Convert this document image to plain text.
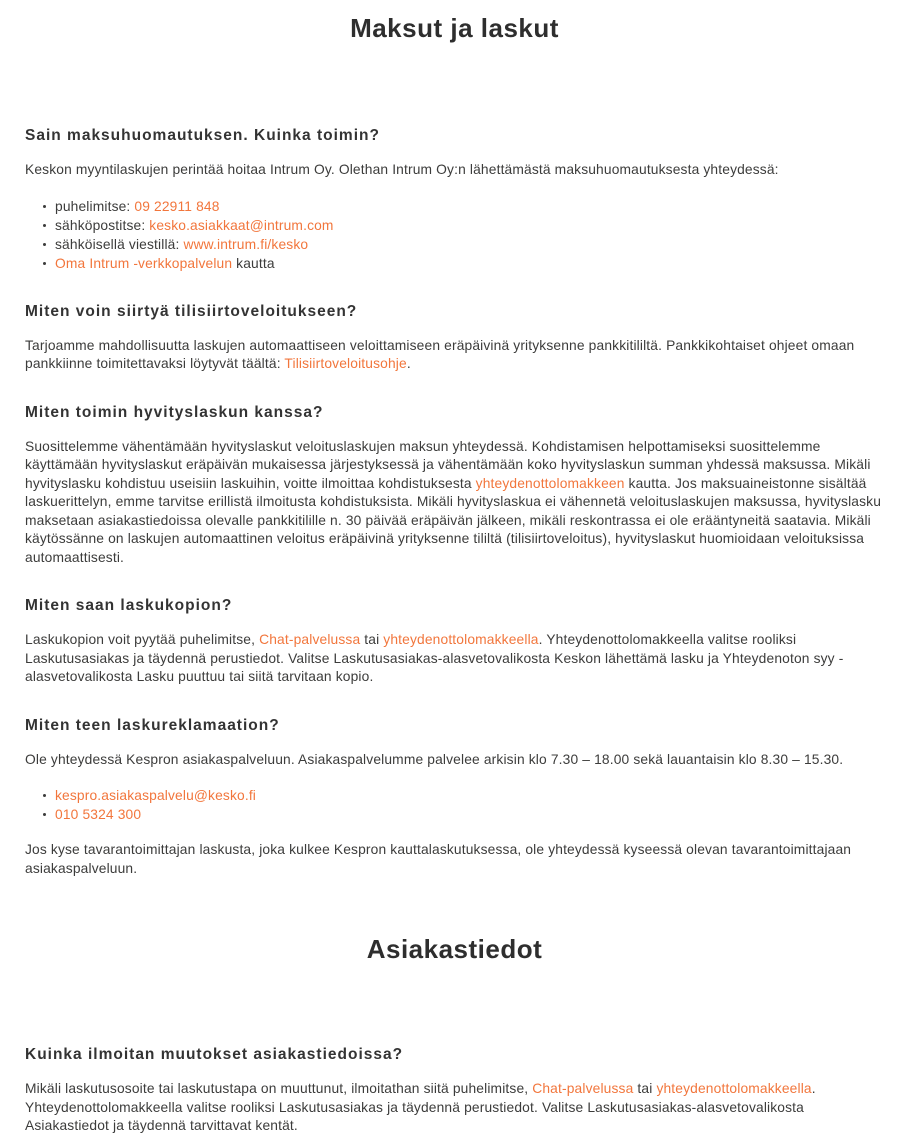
Maksut ja laskut
Sain maksuhuomautuksen. Kuinka toimin?

Keskon myyntilaskujen perintää hoitaa Intrum Oy. Olethan Intrum Oy:n lähettämästä maksuhuomautuksesta yhteydessä:

puhelimitse: 09 22911 848
sähköpostitse: kesko.asiakkaat@intrum.com
sähköisellä viestillä: www.intrum.fi/kesko
Oma Intrum -verkkopalvelun kautta
Miten voin siirtyä tilisiirtoveloitukseen?

Tarjoamme mahdollisuutta laskujen automaattiseen veloittamiseen eräpäivinä yrityksenne pankkitililtä. Pankkikohtaiset ohjeet omaan pankkiinne toimitettavaksi löytyvät täältä: Tilisiirtoveloitusohje.

Miten toimin hyvityslaskun kanssa?

Suosittelemme vähentämään hyvityslaskut veloituslaskujen maksun yhteydessä. Kohdistamisen helpottamiseksi suosittelemme käyttämään hyvityslaskut eräpäivän mukaisessa järjestyksessä ja vähentämään koko hyvityslaskun summan yhdessä maksussa. Mikäli hyvityslasku kohdistuu useisiin laskuihin, voitte ilmoittaa kohdistuksesta yhteydenottolomakkeen kautta. Jos maksuaineistonne sisältää laskuerittelyn, emme tarvitse erillistä ilmoitusta kohdistuksista. Mikäli hyvityslaskua ei vähennetä veloituslaskujen maksussa, hyvityslasku maksetaan asiakastiedoissa olevalle pankkitilille n. 30 päivää eräpäivän jälkeen, mikäli reskontrassa ei ole erääntyneitä saatavia. Mikäli käytössänne on laskujen automaattinen veloitus eräpäivinä yrityksenne tililtä (tilisiirtoveloitus), hyvityslaskut huomioidaan veloituksissa automaattisesti.

Miten saan laskukopion?

Laskukopion voit pyytää puhelimitse, Chat-palvelussa tai yhteydenottolomakkeella. Yhteydenottolomakkeella valitse rooliksi Laskutusasiakas ja täydennä perustiedot. Valitse Laskutusasiakas-alasvetovalikosta Keskon lähettämä lasku ja Yhteydenoton syy -alasvetovalikosta Lasku puuttuu tai siitä tarvitaan kopio.

Miten teen laskureklamaation?

Ole yhteydessä Kespron asiakaspalveluun. Asiakaspalvelumme palvelee arkisin klo 7.30 – 18.00 sekä lauantaisin klo 8.30 – 15.30.

kespro.asiakaspalvelu@kesko.fi
010 5324 300

Jos kyse tavarantoimittajan laskusta, joka kulkee Kespron kauttalaskutuksessa, ole yhteydessä kyseessä olevan tavarantoimittajaan asiakaspalveluun.

Asiakastiedot
Kuinka ilmoitan muutokset asiakastiedoissa?

Mikäli laskutusosoite tai laskutustapa on muuttunut, ilmoitathan siitä puhelimitse, Chat-palvelussa tai yhteydenottolomakkeella. Yhteydenottolomakkeella valitse rooliksi Laskutusasiakas ja täydennä perustiedot. Valitse Laskutusasiakas-alasvetovalikosta Asiakastiedot ja täydennä tarvittavat kentät.
